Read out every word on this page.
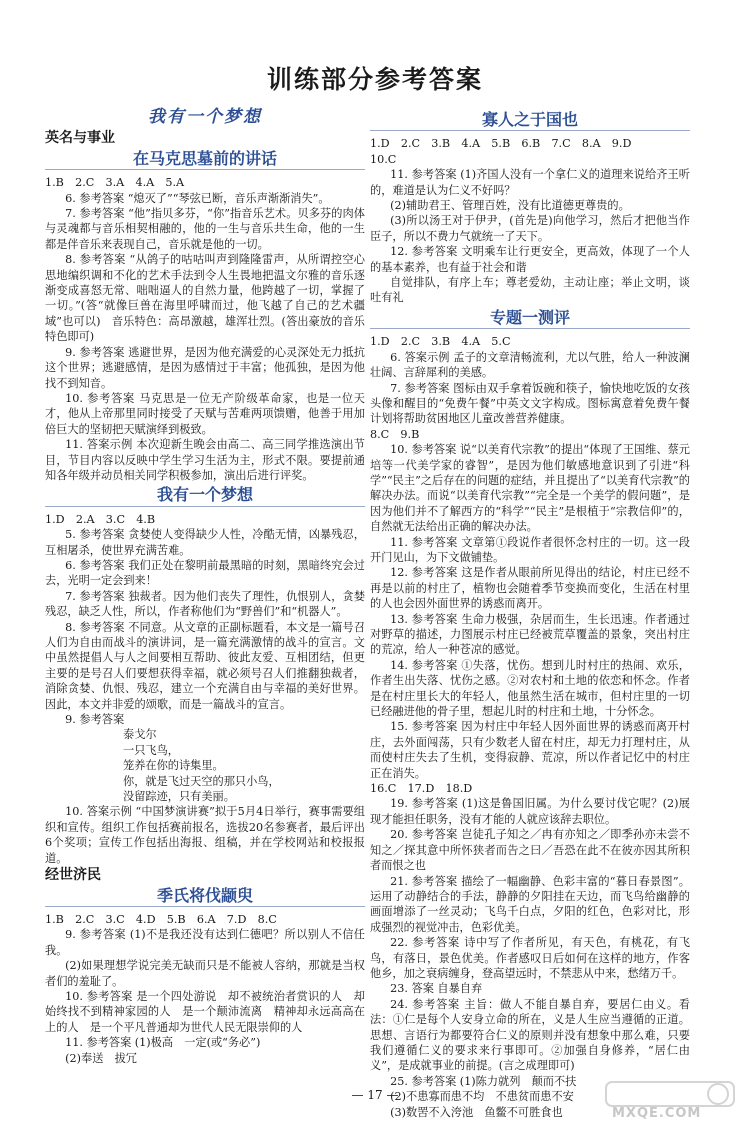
训练部分参考答案
我有一个梦想
英名与事业
在马克思墓前的讲话

1.B　2.C　3.A　4.A　5.A

6. 参考答案 “熄灭了”“琴弦已断，音乐声渐渐消失”。

7. 参考答案 “他”指贝多芬，“你”指音乐艺术。贝多芬的肉体与灵魂都与音乐相契相融的，他的一生与音乐共生命，他的一生都是伴音乐来表现自己，音乐就是他的一切。

8. 参考答案 “从鸽子的咕咕叫声到隆隆雷声，从所谓控空心思地编织调和不化的艺术手法到令人生畏地把温文尔雅的音乐逐渐变成喜怒无常、咄咄逼人的自然力量，他跨越了一切，掌握了一切。”(答“就像巨兽在海里呼啸而过，他飞越了自己的艺术疆域”也可以)　音乐特色：高昂激越，雄浑壮烈。(答出豪放的音乐特色即可)

9. 参考答案 逃避世界，是因为他充满爱的心灵深处无力抵抗这个世界；逃避感情，是因为感情过于丰富；他孤独，是因为他找不到知音。

10. 参考答案 马克思是一位无产阶级革命家，也是一位天才，他从上帝那里同时接受了天赋与苦难两项馈赠，他善于用加倍巨大的坚韧把天赋演绎到极致。

11. 答案示例 本次迎新生晚会由高二、高三同学推选演出节目，节目内容以反映中学生学习生活为主，形式不限。要提前通知各年级并动员相关同学积极参加，演出后进行评奖。

我有一个梦想

1.D　2.A　3.C　4.B

5. 参考答案 贪婪使人变得缺少人性，冷酷无情，凶暴残忍，互相屠杀，使世界充满苦难。

6. 参考答案 我们正处在黎明前最黑暗的时刻，黑暗终究会过去，光明一定会到来！

7. 参考答案 独裁者。因为他们丧失了理性，仇恨别人，贪婪残忍，缺乏人性，所以，作者称他们为“野兽们”和“机器人”。

8. 参考答案 不同意。从文章的正副标题看，本文是一篇号召人们为自由而战斗的演讲词，是一篇充满激情的战斗的宣言。文中虽然提倡人与人之间要相互帮助、彼此友爱、互相团结，但更主要的是号召人们要想获得幸福，就必须号召人们推翻独裁者，消除贪婪、仇恨、残忍，建立一个充满自由与幸福的美好世界。因此，本文并非爱的颂歌，而是一篇战斗的宣言。

9. 参考答案

泰戈尔

一只飞鸟，

笼养在你的诗集里。

你，就是飞过天空的那只小鸟，

没留踪迹，只有美丽。

10. 答案示例 “中国梦演讲赛”拟于5月4日举行，赛事需要组织和宣传。组织工作包括赛前报名，选拔20名参赛者，最后评出6个奖项；宣传工作包括出海报、组稿，并在学校网站和校报报道。

经世济民
季氏将伐颛臾

1.B　2.C　3.C　4.D　5.B　6.A　7.D　8.C

9. 参考答案 (1)不是我还没有达到仁德吧？所以别人不信任我。

(2)如果理想学说完美无缺而只是不能被人容纳，那就是当权者们的羞耻了。

10. 参考答案 是一个四处游说　却不被统治者赏识的人　却始终找不到精神家园的人　是一个颠沛流离　精神却永远高高在上的人　是一个平凡普通却为世代人民无限崇仰的人

11. 参考答案 (1)极高　一定(或“务必”)

(2)奉送　拔冗

寡人之于国也

1.D　2.C　3.B　4.A　5.B　6.B　7.C　8.A　9.D

10.C

11. 参考答案 (1)齐国人没有一个拿仁义的道理来说给齐王听的，难道是认为仁义不好吗？

(2)辅助君王、管理百姓，没有比道德更尊贵的。

(3)所以汤王对于伊尹，(首先是)向他学习，然后才把他当作臣子，所以不费力气就统一了天下。

12. 参考答案 文明乘车让行更安全，更高效，体现了一个人的基本素养，也有益于社会和谐

自觉排队，有序上车；尊老爱幼，主动让座；举止文明，谈吐有礼

专题一测评

1.D　2.C　3.B　4.A　5.C

6. 答案示例 孟子的文章清畅流利，尤以气胜，给人一种波澜壮阔、言辞犀利的美感。

7. 参考答案 图标由双手拿着饭碗和筷子，愉快地吃饭的女孩头像和醒目的“免费午餐”中英文文字构成。图标寓意着免费午餐计划将帮助贫困地区儿童改善营养健康。

8.C　9.B

10. 参考答案 说“以美育代宗教”的提出“体现了王国维、蔡元培等一代美学家的睿智”，是因为他们敏感地意识到了引进“科学”“民主”之后存在的问题的症结，并且提出了“以美育代宗教”的解决办法。而说“以美育代宗教”“完全是一个美学的假问题”，是因为他们并不了解西方的“科学”“民主”是根植于“宗教信仰”的，自然就无法给出正确的解决办法。

11. 参考答案 文章第①段说作者很怀念村庄的一切。这一段开门见山，为下文做铺垫。

12. 参考答案 这是作者从眼前所见得出的结论，村庄已经不再是以前的村庄了，植物也会随着季节变换而变化，生活在村里的人也会因外面世界的诱惑而离开。

13. 参考答案 生命力极强，杂居而生，生长迅速。作者通过对野草的描述，力图展示村庄已经被荒草覆盖的景象，突出村庄的荒凉，给人一种苍凉的感觉。

14. 参考答案 ①失落，忧伤。想到儿时村庄的热闹、欢乐，作者生出失落、忧伤之感。②对农村和土地的依恋和怀念。作者是在村庄里长大的年轻人，他虽然生活在城市，但村庄里的一切已经融进他的骨子里，想起儿时的村庄和土地，十分怀念。

15. 参考答案 因为村庄中年轻人因外面世界的诱惑而离开村庄，去外面闯荡，只有少数老人留在村庄，却无力打理村庄，从而使村庄失去了生机，变得寂静、荒凉，所以作者记忆中的村庄正在消失。

16.C　17.D　18.D

19. 参考答案 (1)这是鲁国旧属。为什么要讨伐它呢？(2)展现才能担任职务，没有才能的人就应该辞去职位。

20. 参考答案 岂徒孔子知之／冉有亦知之／即季孙亦未尝不知之／探其意中所怀狭者而告之曰／吾恐在此不在彼亦因其所积者而恨之也

21. 参考答案 描绘了一幅幽静、色彩丰富的“暮日春景图”。运用了动静结合的手法，静静的夕阳挂在天边，而飞鸟给幽静的画面增添了一丝灵动；飞鸟千白点，夕阳的红色，色彩对比，形成强烈的视觉冲击，色彩优美。

22. 参考答案 诗中写了作者所见，有天色，有桃花，有飞鸟，有落日，景色优美。作者感叹日后如何在这样的地方，作客他乡，加之衰病缠身，登高望远时，不禁悲从中来，愁绪万千。

23. 答案 自暴自弃

24. 参考答案 主旨：做人不能自暴自弃，要居仁由义。看法：①仁是每个人安身立命的所在，义是人生应当遵循的正道。思想、言语行为都要符合仁义的原则并没有想象中那么难，只要我们遵循仁义的要求来行事即可。②加强自身修养，“居仁由义”，是成就事业的前提。(言之成理即可)

25. 参考答案 (1)陈力就列　颠而不扶

(2)不患寡而患不均　不患贫而患不安

(3)数罟不入洿池　鱼鳖不可胜食也

— 17 —
MXQE.COM
